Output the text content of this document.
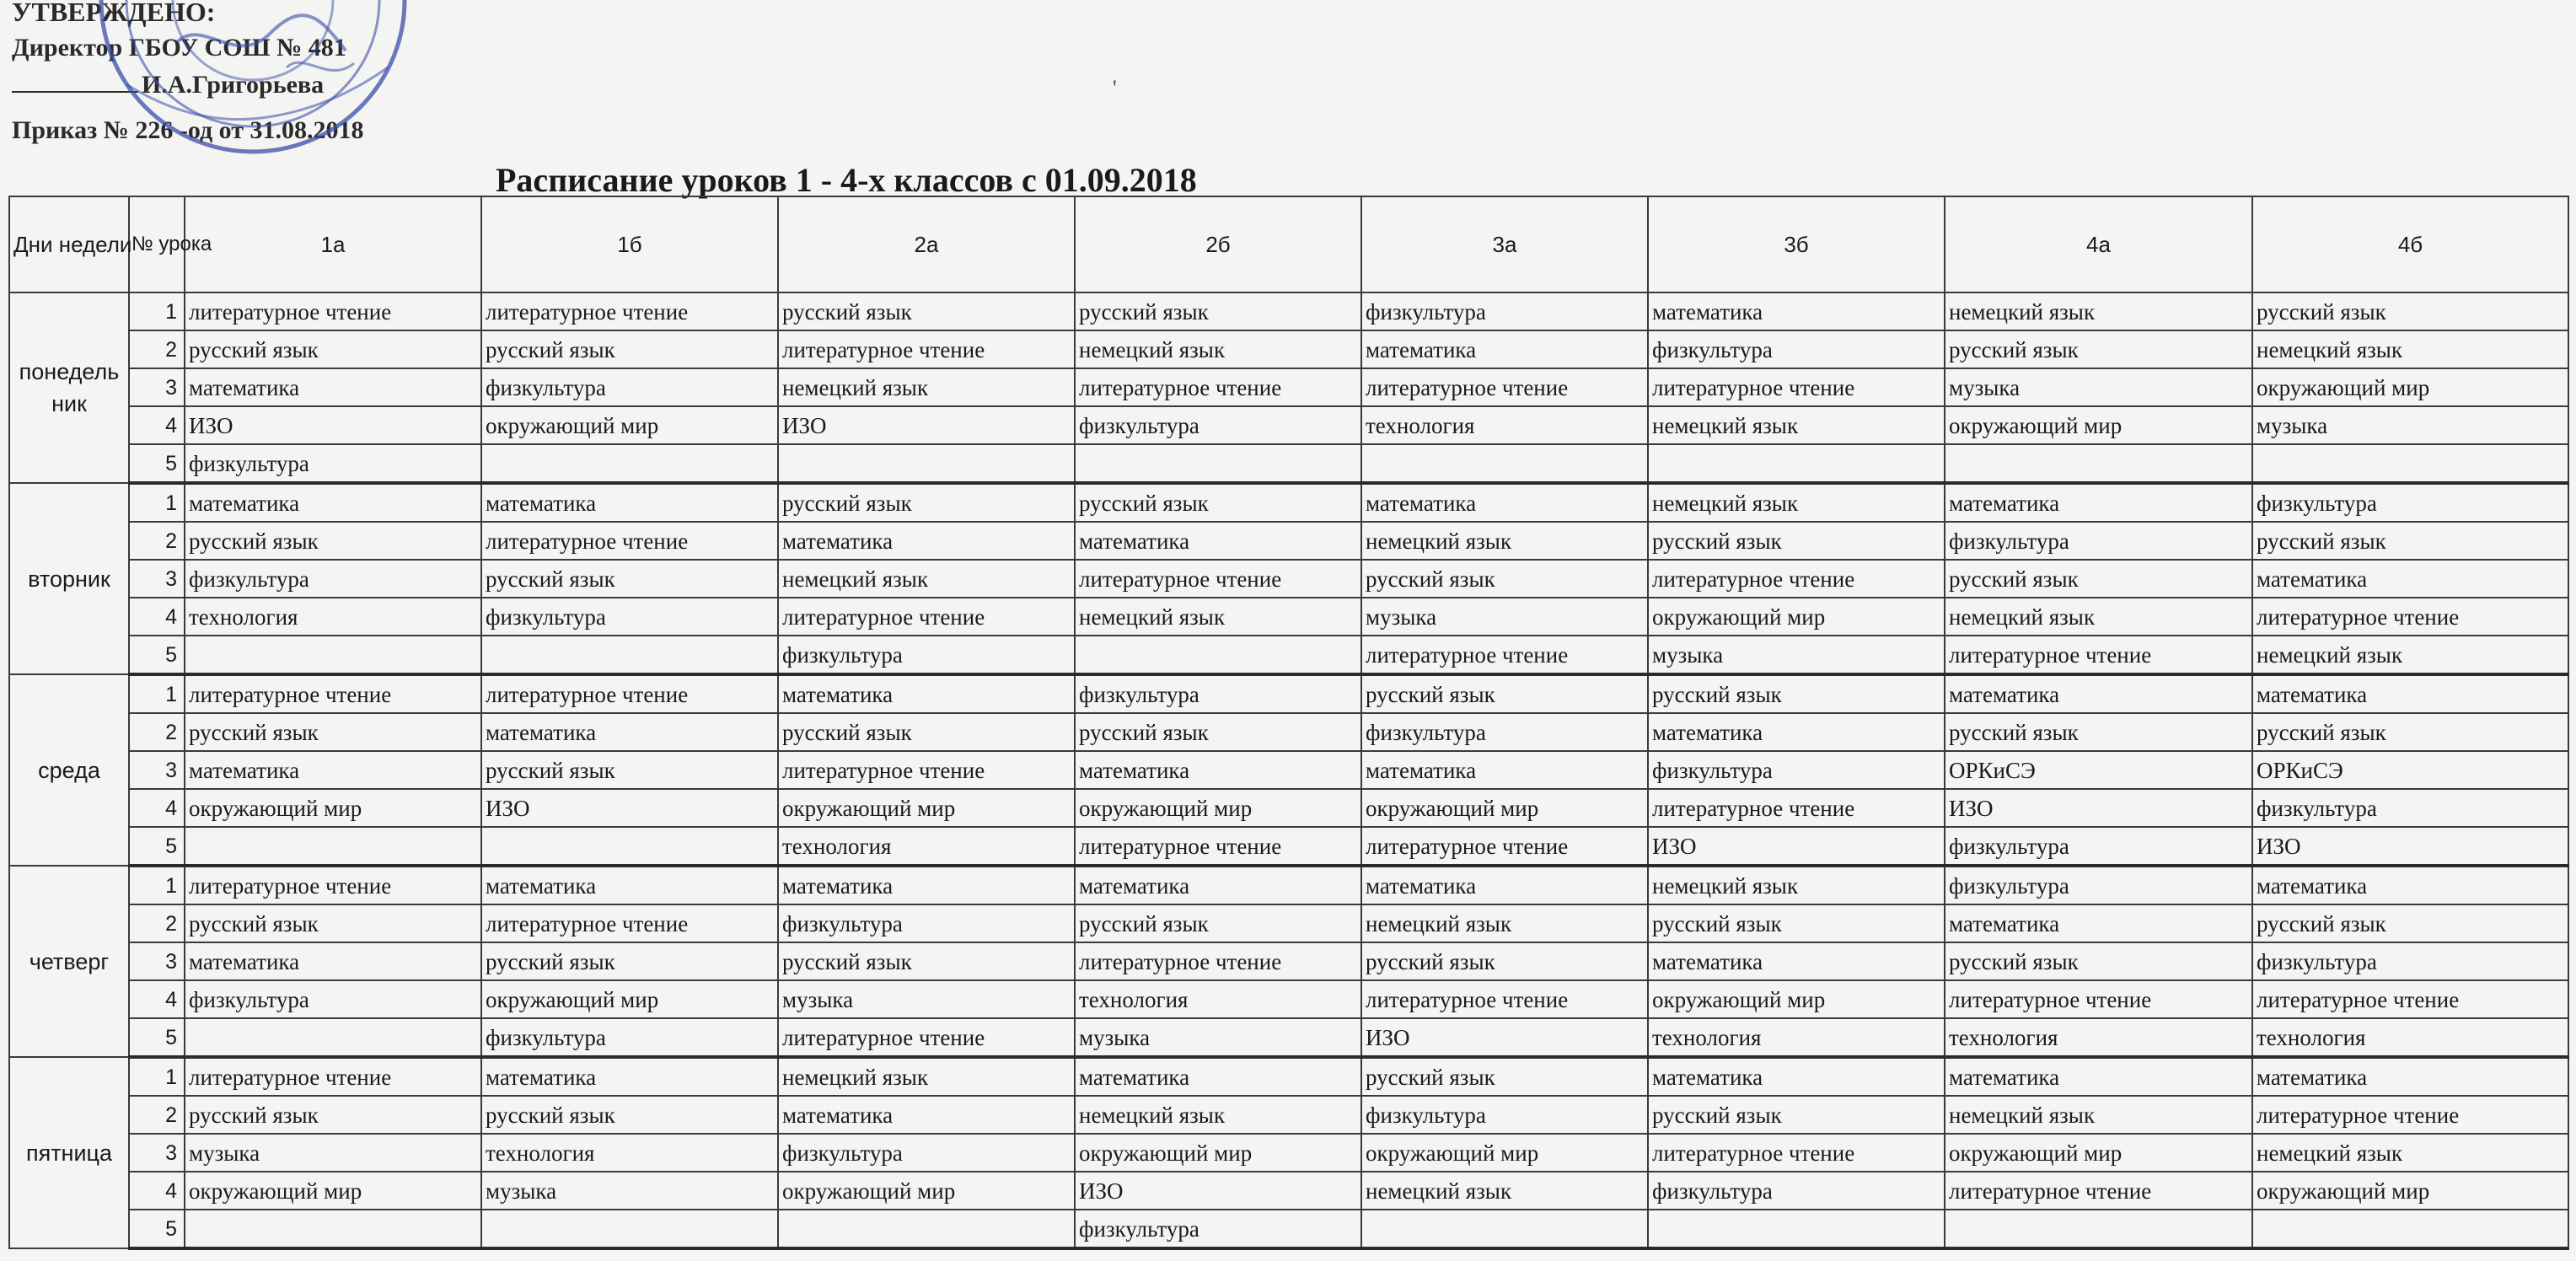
УТВЕРЖДЕНО:
Директор ГБОУ СОШ № 481
И.А.Григорьева
Приказ № 226 -од от 31.08.2018
'
Расписание уроков 1 - 4-х классов с 01.09.2018
Дни недели	№ урока	1а	1б	2а	2б	3а	3б	4а	4б
понедельник	1	литературное чтение	литературное чтение	русский язык	русский язык	физкультура	математика	немецкий язык	русский язык
	2	русский язык	русский язык	литературное чтение	немецкий язык	математика	физкультура	русский язык	немецкий язык
	3	математика	физкультура	немецкий язык	литературное чтение	литературное чтение	литературное чтение	музыка	окружающий мир
	4	ИЗО	окружающий мир	ИЗО	физкультура	технология	немецкий язык	окружающий мир	музыка
	5	физкультура							
вторник	1	математика	математика	русский язык	русский язык	математика	немецкий язык	математика	физкультура
	2	русский язык	литературное чтение	математика	математика	немецкий язык	русский язык	физкультура	русский язык
	3	физкультура	русский язык	немецкий язык	литературное чтение	русский язык	литературное чтение	русский язык	математика
	4	технология	физкультура	литературное чтение	немецкий язык	музыка	окружающий мир	немецкий язык	литературное чтение
	5			физкультура		литературное чтение	музыка	литературное чтение	немецкий язык
среда	1	литературное чтение	литературное чтение	математика	физкультура	русский язык	русский язык	математика	математика
	2	русский язык	математика	русский язык	русский язык	физкультура	математика	русский язык	русский язык
	3	математика	русский язык	литературное чтение	математика	математика	физкультура	ОРКиСЭ	ОРКиСЭ
	4	окружающий мир	ИЗО	окружающий мир	окружающий мир	окружающий мир	литературное чтение	ИЗО	физкультура
	5			технология	литературное чтение	литературное чтение	ИЗО	физкультура	ИЗО
четверг	1	литературное чтение	математика	математика	математика	математика	немецкий язык	физкультура	математика
	2	русский язык	литературное чтение	физкультура	русский язык	немецкий язык	русский язык	математика	русский язык
	3	математика	русский язык	русский язык	литературное чтение	русский язык	математика	русский язык	физкультура
	4	физкультура	окружающий мир	музыка	технология	литературное чтение	окружающий мир	литературное чтение	литературное чтение
	5		физкультура	литературное чтение	музыка	ИЗО	технология	технология	технология
пятница	1	литературное чтение	математика	немецкий язык	математика	русский язык	математика	математика	математика
	2	русский язык	русский язык	математика	немецкий язык	физкультура	русский язык	немецкий язык	литературное чтение
	3	музыка	технология	физкультура	окружающий мир	окружающий мир	литературное чтение	окружающий мир	немецкий язык
	4	окружающий мир	музыка	окружающий мир	ИЗО	немецкий язык	физкультура	литературное чтение	окружающий мир
	5				физкультура				
